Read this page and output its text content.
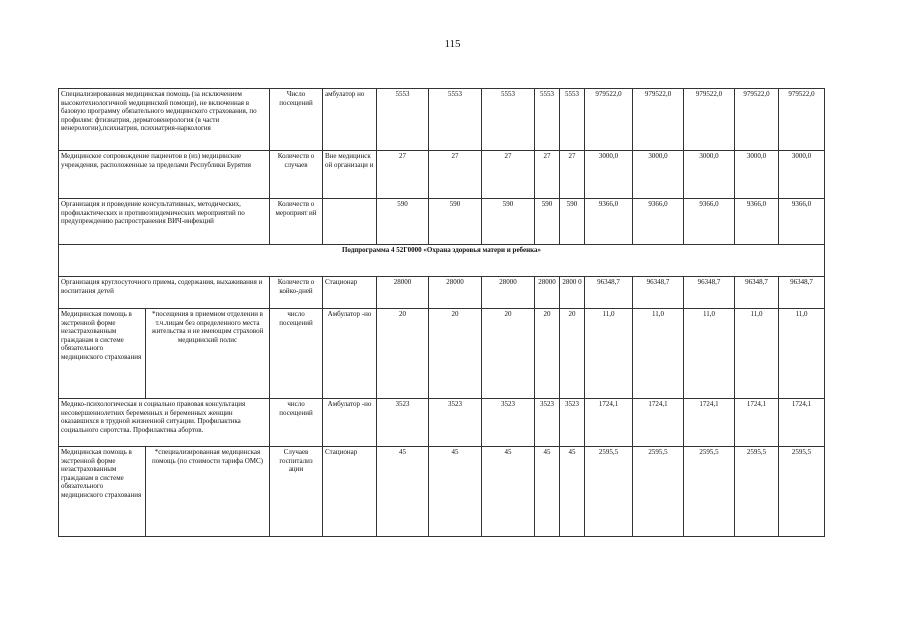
115
Специализированная медицинская помощь (за исключением высокотехнологичной медицинской помощи), не включенная в базовую программу обязательного медицинского страхования, по профилям: фтизиатрия, дерматовенерология (в части венерологии),психиатрия, психиатрия-наркология		Число посещений	амбулатор но	5553	5553	5553	5553	5553	979522,0	979522,0	979522,0	979522,0	979522,0
Медицинское сопровождение пациентов в (из) медицинские учреждения, расположенные за пределами Республики Бурятия		Количеств о случаев	Вне медицинск ой организаци и	27	27	27	27	27	3000,0	3000,0	3000,0	3000,0	3000,0
Организация и проведение консультативных, методических, профилактических и противоэпидемических мероприятий по предупреждению распространения ВИЧ-инфекций		Количеств о мероприят ий		590	590	590	590	590	9366,0	9366,0	9366,0	9366,0	9366,0
Подпрограмма 4 52Г0000 «Охрана здоровья матери и ребенка»													
Организация круглосуточного приема, содержания, выхаживания и воспитания детей		Количеств о койко-дней	Стационар	28000	28000	28000	28000	2800 0	96348,7	96348,7	96348,7	96348,7	96348,7
Медицинская помощь в экстренной форме незастрахованным гражданам в системе обязательного медицинского страхования	*посещения в приемном отделении в т.ч.лицам без определенного места жительства и не имеющим страховой медицинский полис	число посещений	Амбулатор -но	20	20	20	20	20	11,0	11,0	11,0	11,0	11,0
Медико-психологическая и социально правовая консультация несовершеннолетних беременных и беременных женщин оказавшихся в трудной жизненной ситуации. Профилактика социального сиротства. Профилактика абортов.		число посещений	Амбулатор -но	3523	3523	3523	3523	3523	1724,1	1724,1	1724,1	1724,1	1724,1
Медицинская помощь в экстренной форме незастрахованным гражданам в системе обязательного медицинского страхования	*специализированная медицинская помощь (по стоимости тарифа ОМС)	Случаев госпитализ ации	Стационар	45	45	45	45	45	2595,5	2595,5	2595,5	2595,5	2595,5
